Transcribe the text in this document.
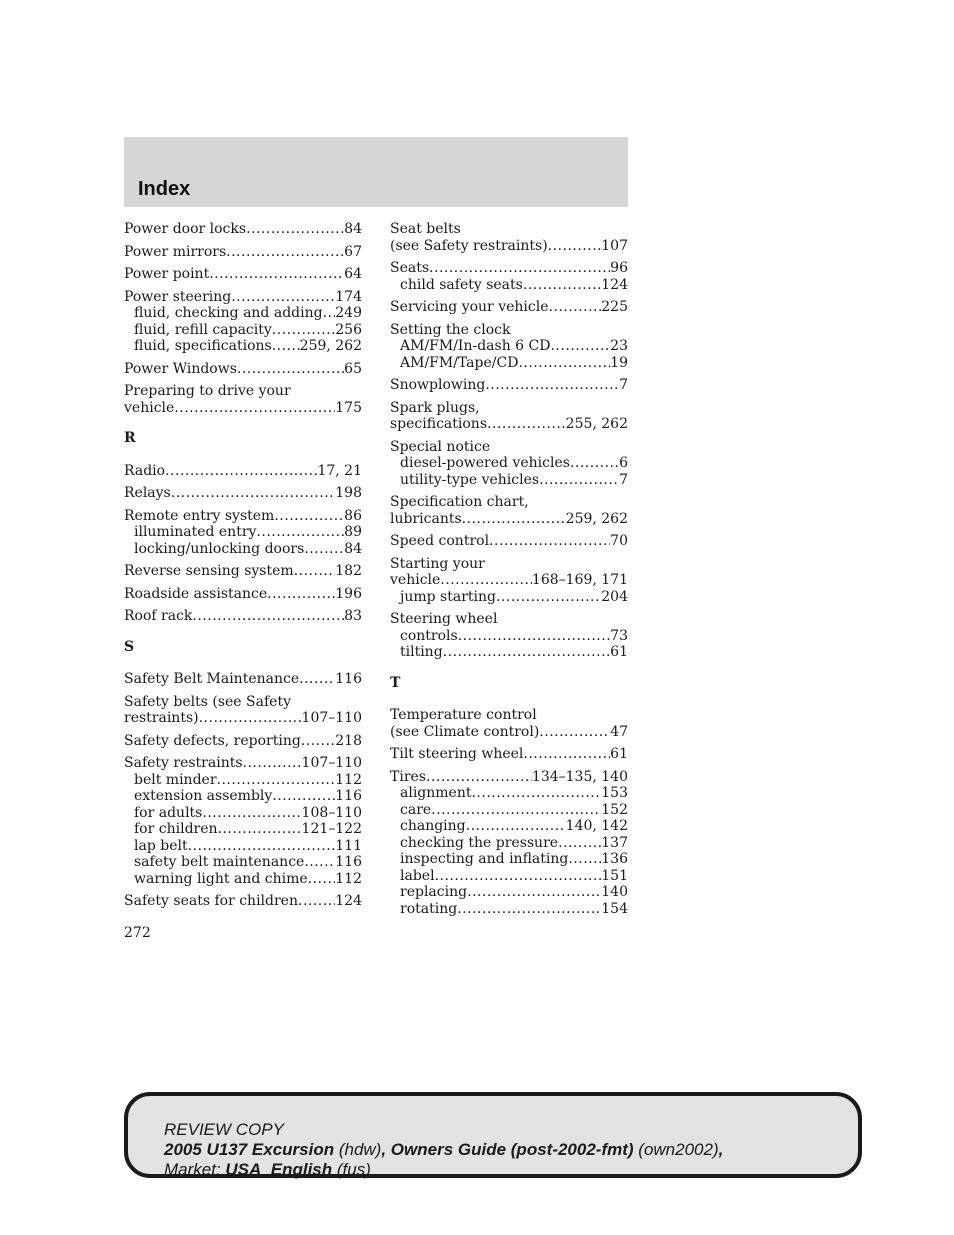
Index
Power door locks .....	84
Power mirrors .....	67
Power point .....	64
Power steering .....	174
fluid, checking and adding ..... 249
fluid, refill capacity .....	256
fluid, specifications ..... 259, 262
Power Windows .....	65
Preparing to drive your
vehicle .....	175
R
Radio .....	17, 21
Relays .....	198
Remote entry system .....	86
illuminated entry .....	89
locking/unlocking doors .....	84
Reverse sensing system .....	182
Roadside assistance .....	196
Roof rack .....	83
S
Safety Belt Maintenance .....	116
Safety belts (see Safety
restraints) .....	107–110
Safety defects, reporting ..... 218
Safety restraints .....	107–110
belt minder .....	112
extension assembly .....	116
for adults .....	108–110
for children .....	121–122
lap belt .....	111
safety belt maintenance ..... 116
warning light and chime ..... 112
Safety seats for children .....	124
Seat belts
(see Safety restraints) .....	107
Seats .....	96
child safety seats .....	124
Servicing your vehicle .....	225
Setting the clock
AM/FM/In-dash 6 CD .....	23
AM/FM/Tape/CD .....	19
Snowplowing .....	7
Spark plugs,
specifications .....	255, 262
Special notice
diesel-powered vehicles .....	6
utility-type vehicles .....	7
Specification chart,
lubricants .....	259, 262
Speed control .....	70
Starting your
vehicle .....	168–169, 171
jump starting .....	204
Steering wheel
controls .....	73
tilting .....	61
T
Temperature control
(see Climate control) .....	47
Tilt steering wheel .....	61
Tires .....	134–135, 140
alignment .....	153
care .....	152
changing .....	140, 142
checking the pressure .....	137
inspecting and inflating ..... 136
label .....	151
replacing .....	140
rotating .....	154
272
REVIEW COPY
2005 U137 Excursion (hdw), Owners Guide (post-2002-fmt) (own2002),
Market: USA_English (fus)
